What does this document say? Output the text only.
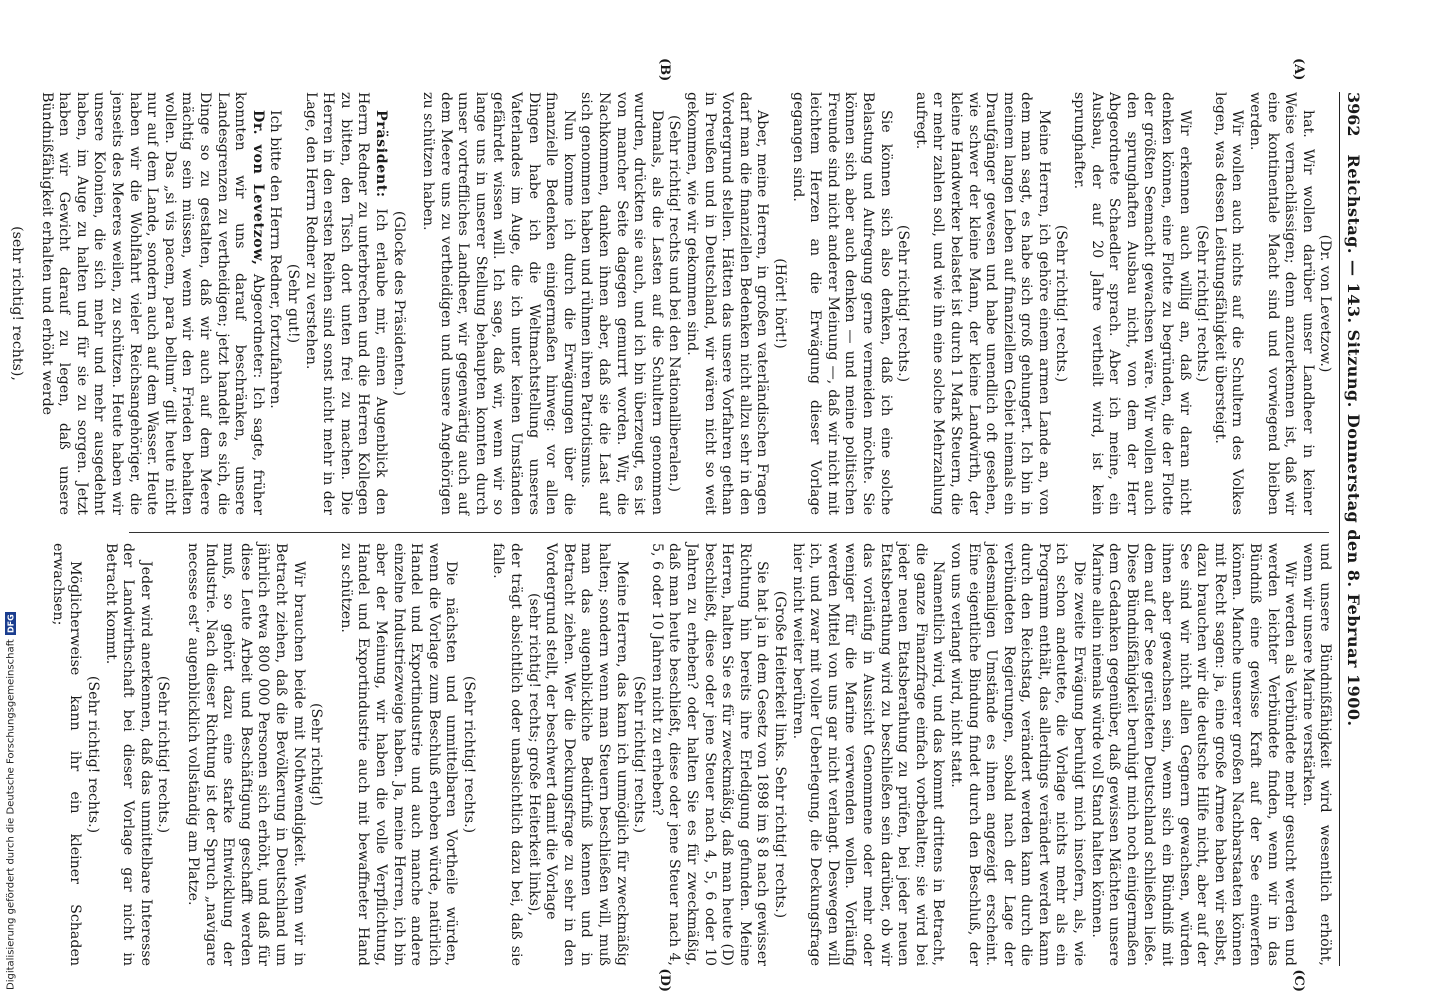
3962
Reichstag. — 143. Sitzung. Donnerstag den 8. Februar 1900.
(A)
(B)
(C)
(D)

(Dr. von Levetzow.)

hat. Wir wollen darüber unser Landheer in keiner Weise vernachlässigen; denn anzuerkennen ist, daß wir eine kontinentale Macht sind und vorwiegend bleiben werden.

Wir wollen auch nichts auf die Schultern des Volkes legen, was dessen Leistungsfähigkeit übersteigt.

(Sehr richtig! rechts.)

Wir erkennen auch willig an, daß wir daran nicht denken können, eine Flotte zu begründen, die der Flotte der größten Seemacht gewachsen wäre. Wir wollen auch den sprunghaften Ausbau nicht, von dem der Herr Abgeordnete Schaedler sprach. Aber ich meine, ein Ausbau, der auf 20 Jahre vertheilt wird, ist kein sprunghafter.

(Sehr richtig! rechts.)

Meine Herren, ich gehöre einem armen Lande an, von dem man sagt, es habe sich groß gehungert. Ich bin in meinem langen Leben auf finanziellem Gebiet niemals ein Draufgänger gewesen und habe unendlich oft gesehen, wie schwer der kleine Mann, der kleine Landwirth, der kleine Handwerker belastet ist durch 1 Mark Steuern, die er mehr zahlen soll, und wie ihn eine solche Mehrzahlung aufregt.

(Sehr richtig! rechts.)

Sie können sich also denken, daß ich eine solche Belastung und Aufregung gerne vermeiden möchte. Sie können sich aber auch denken — und meine politischen Freunde sind nicht anderer Meinung —, daß wir nicht mit leichtem Herzen an die Erwägung dieser Vorlage gegangen sind.

(Hört! hört!)

Aber, meine Herren, in großen vaterländischen Fragen darf man die finanziellen Bedenken nicht allzu sehr in den Vordergrund stellen. Hätten das unsere Vorfahren gethan in Preußen und in Deutschland, wir wären nicht so weit gekommen, wie wir gekommen sind.

(Sehr richtig! rechts und bei den Nationalliberalen.)

Damals, als die Lasten auf die Schultern genommen wurden, drückten sie auch, und ich bin überzeugt, es ist von mancher Seite dagegen gemurrt worden. Wir, die Nachkommen, danken ihnen aber, daß sie die Last auf sich genommen haben und rühmen ihren Patriotismus.

Nun komme ich durch die Erwägungen über die finanzielle Bedenken einigermaßen hinweg: vor allen Dingen habe ich die Weltmachtstellung unseres Vaterlandes im Auge, die ich unter keinen Umständen gefährdet wissen will. Ich sage, daß wir, wenn wir so lange uns in unserer Stellung behaupten konnten durch unser vortreffliches Landheer, wir gegenwärtig auch auf dem Meere uns zu vertheidigen und unsere Angehörigen zu schützen haben.

(Glocke des Präsidenten.)

Präsident: Ich erlaube mir, einen Augenblick den Herrn Redner zu unterbrechen und die Herren Kollegen zu bitten, den Tisch dort unten frei zu machen. Die Herren in den ersten Reihen sind sonst nicht mehr in der Lage, den Herrn Redner zu verstehen.

(Sehr gut!)

Ich bitte den Herrn Redner, fortzufahren.

Dr. von Levetzow, Abgeordneter: Ich sagte, früher konnten wir uns darauf beschränken, unsere Landesgrenzen zu vertheidigen; jetzt handelt es sich, die Dinge so zu gestalten, daß wir auch auf dem Meere mächtig sein müssen, wenn wir den Frieden behalten wollen. Das „si vis pacem, para bellum“ gilt heute nicht nur auf dem Lande, sondern auch auf dem Wasser. Heute haben wir die Wohlfahrt vieler Reichsangehöriger, die jenseits des Meeres weilen, zu schützen. Heute haben wir unsere Kolonien, die sich mehr und mehr ausgedehnt haben, im Auge zu halten und für sie zu sorgen. Jetzt haben wir Gewicht darauf zu legen, daß unsere Bündnißfähigkeit erhalten und erhöht werde

(sehr richtig! rechts),

und unsere Bündnißfähigkeit wird wesentlich erhöht, wenn wir unsere Marine verstärken.

Wir werden als Verbündete mehr gesucht werden und werden leichter Verbündete finden, wenn wir in das Bündniß eine gewisse Kraft auf der See einwerfen können. Manche unserer großen Nachbarstaaten können mit Recht sagen: ja, eine große Armee haben wir selbst, dazu brauchen wir die deutsche Hilfe nicht, aber auf der See sind wir nicht allen Gegnern gewachsen, würden ihnen aber gewachsen sein, wenn sich ein Bündniß mit dem auf der See gerüsteten Deutschland schließen ließe. Diese Bündnißfähigkeit beruhigt mich noch einigermaßen dem Gedanken gegenüber, daß gewissen Mächten unsere Marine allein niemals würde voll Stand halten können.

Die zweite Erwägung beruhigt mich insofern, als, wie ich schon andeutete, die Vorlage nichts mehr als ein Programm enthält, das allerdings verändert werden kann durch den Reichstag, verändert werden kann durch die verbündeten Regierungen, sobald nach der Lage der jedesmaligen Umstände es ihnen angezeigt erscheint. Eine eigentliche Bindung findet durch den Beschluß, der von uns verlangt wird, nicht statt.

Namentlich wird, und das kommt drittens in Betracht, die ganze Finanzfrage einfach vorbehalten; sie wird bei jeder neuen Etatsberathung zu prüfen, bei jeder neuen Etatsberathung wird zu beschließen sein darüber, ob wir das vorläufig in Aussicht Genommene oder mehr oder weniger für die Marine verwenden wollen. Vorläufig werden Mittel von uns gar nicht verlangt. Deswegen will ich, und zwar mit voller Ueberlegung, die Deckungsfrage hier nicht weiter berühren.

(Große Heiterkeit links. Sehr richtig! rechts.)

Sie hat ja in dem Gesetz von 1898 im § 8 nach gewisser Richtung hin bereits ihre Erledigung gefunden. Meine Herren, halten Sie es für zweckmäßig, daß man heute (D) beschließt, diese oder jene Steuer nach 4, 5, 6 oder 10 Jahren zu erheben? oder halten Sie es für zweckmäßig, daß man heute beschließt, diese oder jene Steuer nach 4, 5, 6 oder 10 Jahren nicht zu erheben?

(Sehr richtig! rechts.)

Meine Herren, das kann ich unmöglich für zweckmäßig halten; sondern wenn man Steuern beschließen will, muß man das augenblickliche Bedürfniß kennen und in Betracht ziehen. Wer die Deckungsfrage zu sehr in den Vordergrund stellt, der beschwert damit die Vorlage

(sehr richtig! rechts; große Heiterkeit links),

der trägt absichtlich oder unabsichtlich dazu bei, daß sie falle.

(Sehr richtig! rechts.)

Die nächsten und unmittelbaren Vortheile würden, wenn die Vorlage zum Beschluß erhoben würde, natürlich Handel und Exportindustrie und auch manche andere einzelne Industriezweige haben. Ja, meine Herren, ich bin aber der Meinung, wir haben die volle Verpflichtung, Handel und Exportindustrie auch mit bewaffneter Hand zu schützen.

(Sehr richtig!)

Wir brauchen beide mit Nothwendigkeit. Wenn wir in Betracht ziehen, daß die Bevölkerung in Deutschland um jährlich etwa 800 000 Personen sich erhöht, und daß für diese Leute Arbeit und Beschäftigung geschafft werden muß, so gehört dazu eine starke Entwicklung der Industrie. Nach dieser Richtung ist der Spruch „navigare necesse est“ augenblicklich vollständig am Platze.

(Sehr richtig! rechts.)

Jeder wird anerkennen, daß das unmittelbare Interesse der Landwirthschaft bei dieser Vorlage gar nicht in Betracht kommt.

(Sehr richtig! rechts.)

Möglicherweise kann ihr ein kleiner Schaden erwachsen;

Digitalisierung gefördert durch die Deutsche Forschungsgemeinschaft
DFG
